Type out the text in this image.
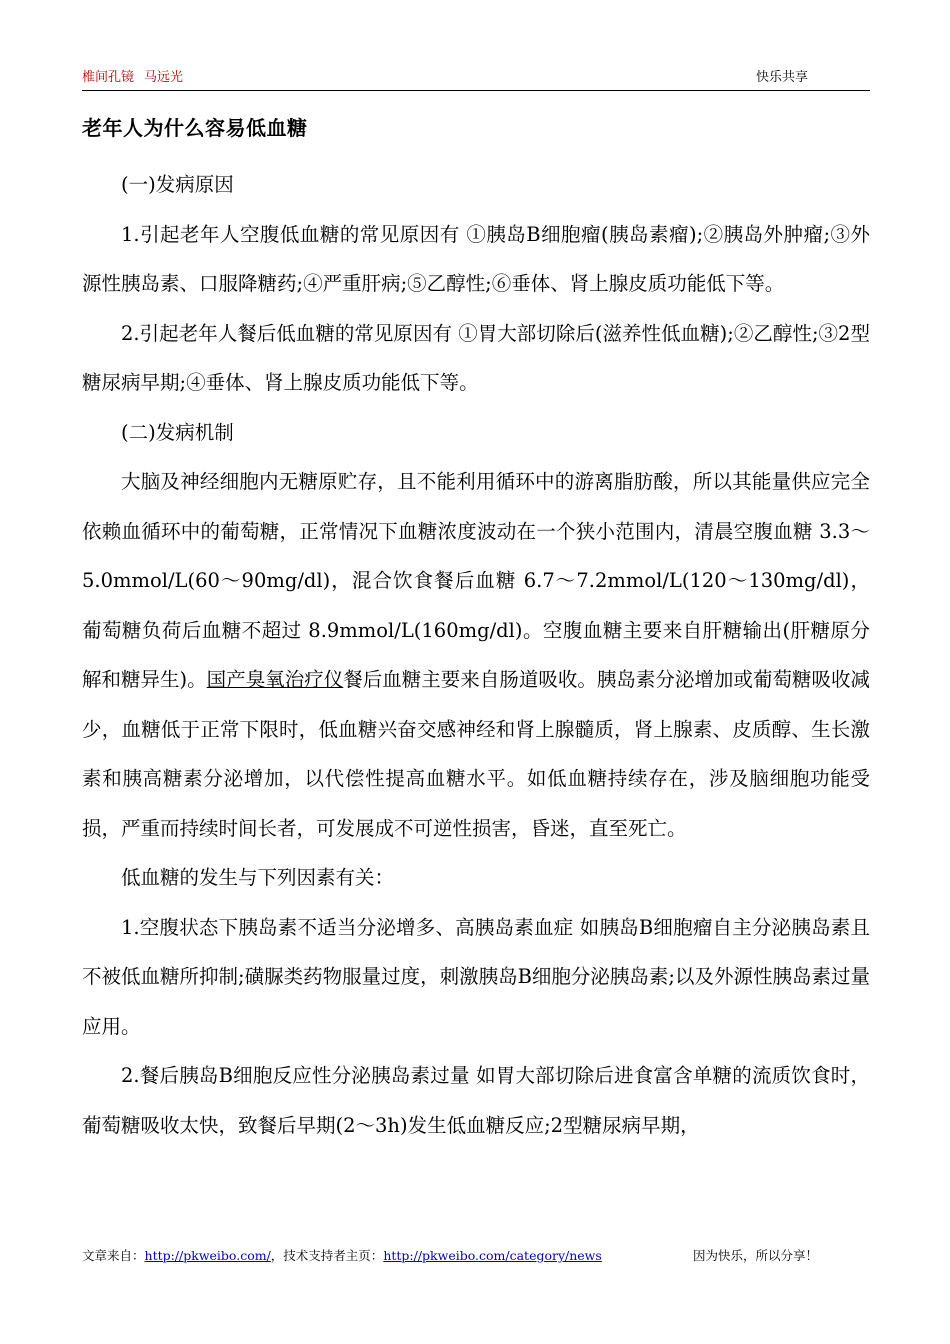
椎间孔镜 马远光	快乐共享
老年人为什么容易低血糖

(一)发病原因

1.引起老年人空腹低血糖的常见原因有 ①胰岛B细胞瘤(胰岛素瘤);②胰岛外肿瘤;③外源性胰岛素、口服降糖药;④严重肝病;⑤乙醇性;⑥垂体、肾上腺皮质功能低下等。

2.引起老年人餐后低血糖的常见原因有 ①胃大部切除后(滋养性低血糖);②乙醇性;③2型糖尿病早期;④垂体、肾上腺皮质功能低下等。

(二)发病机制

大脑及神经细胞内无糖原贮存，且不能利用循环中的游离脂肪酸，所以其能量供应完全依赖血循环中的葡萄糖，正常情况下血糖浓度波动在一个狭小范围内，清晨空腹血糖 3.3～5.0mmol/L(60～90mg/dl)，混合饮食餐后血糖 6.7～7.2mmol/L(120～130mg/dl)，葡萄糖负荷后血糖不超过 8.9mmol/L(160mg/dl)。空腹血糖主要来自肝糖输出(肝糖原分解和糖异生)。国产臭氧治疗仪餐后血糖主要来自肠道吸收。胰岛素分泌增加或葡萄糖吸收减少，血糖低于正常下限时，低血糖兴奋交感神经和肾上腺髓质，肾上腺素、皮质醇、生长激素和胰高糖素分泌增加，以代偿性提高血糖水平。如低血糖持续存在，涉及脑细胞功能受损，严重而持续时间长者，可发展成不可逆性损害，昏迷，直至死亡。

低血糖的发生与下列因素有关：

1.空腹状态下胰岛素不适当分泌增多、高胰岛素血症 如胰岛B细胞瘤自主分泌胰岛素且不被低血糖所抑制;磺脲类药物服量过度，刺激胰岛B细胞分泌胰岛素;以及外源性胰岛素过量应用。

2.餐后胰岛B细胞反应性分泌胰岛素过量 如胃大部切除后进食富含单糖的流质饮食时，葡萄糖吸收太快，致餐后早期(2～3h)发生低血糖反应;2型糖尿病早期，

文章来自：http://pkweibo.com/，技术支持者主页：http://pkweibo.com/category/news	因为快乐，所以分享！
